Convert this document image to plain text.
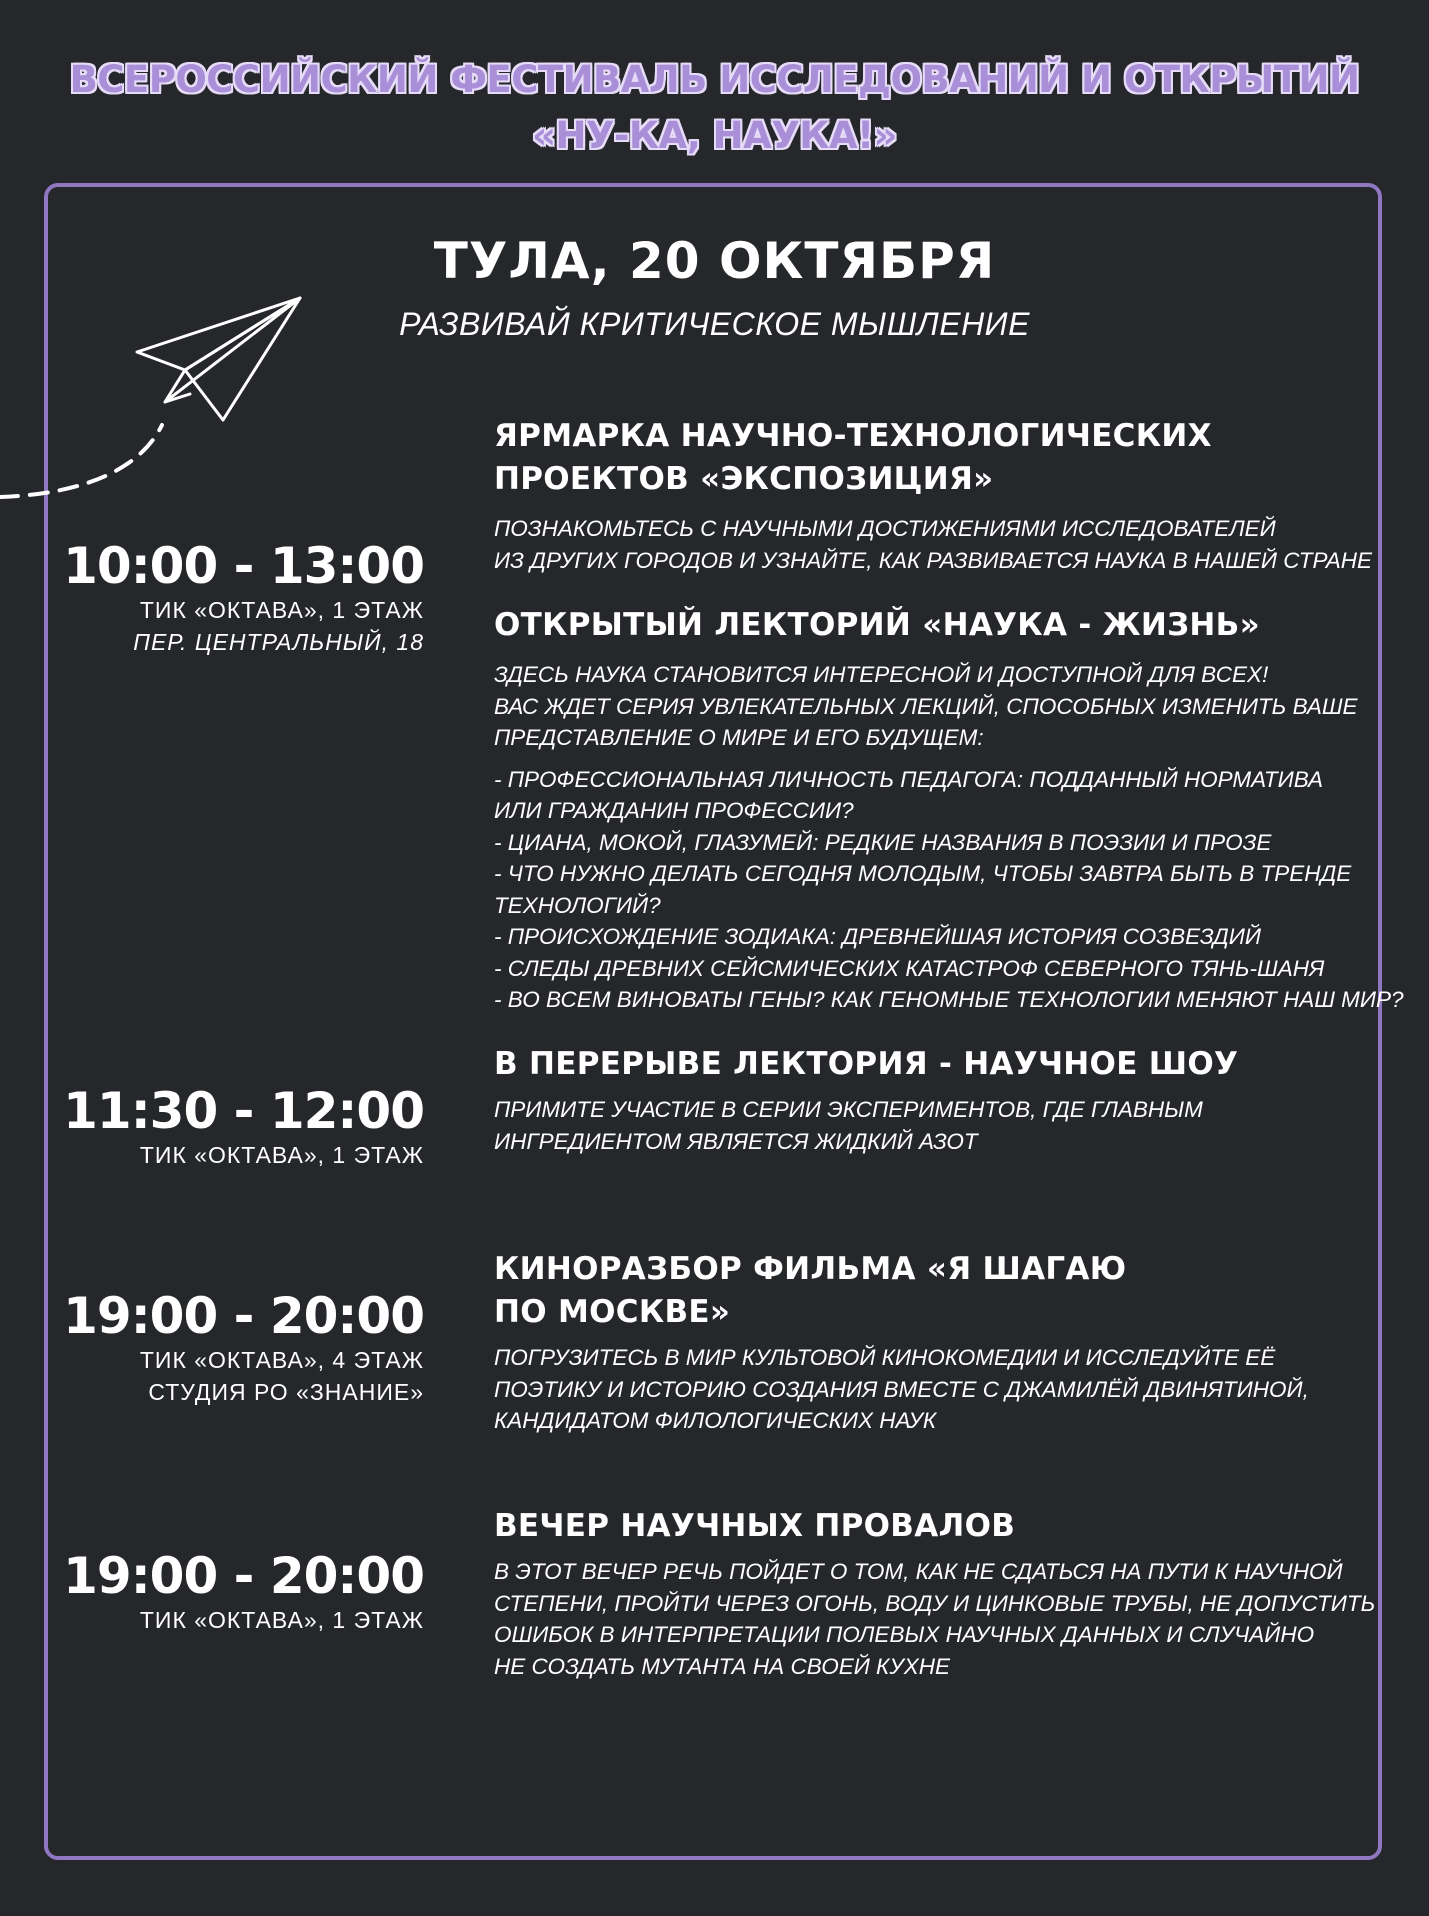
ВСЕРОССИЙСКИЙ ФЕСТИВАЛЬ ИССЛЕДОВАНИЙ И ОТКРЫТИЙ
«НУ-КА, НАУКА!»
ТУЛА, 20 ОКТЯБРЯ
РАЗВИВАЙ КРИТИЧЕСКОЕ МЫШЛЕНИЕ
10:00 - 13:00
ТИК «ОКТАВА», 1 ЭТАЖ
ПЕР. ЦЕНТРАЛЬНЫЙ, 18
11:30 - 12:00
ТИК «ОКТАВА», 1 ЭТАЖ
19:00 - 20:00
ТИК «ОКТАВА», 4 ЭТАЖ
СТУДИЯ РО «ЗНАНИЕ»
19:00 - 20:00
ТИК «ОКТАВА», 1 ЭТАЖ
ЯРМАРКА НАУЧНО-ТЕХНОЛОГИЧЕСКИХ
ПРОЕКТОВ «ЭКСПОЗИЦИЯ»
ПОЗНАКОМЬТЕСЬ С НАУЧНЫМИ ДОСТИЖЕНИЯМИ ИССЛЕДОВАТЕЛЕЙ
ИЗ ДРУГИХ ГОРОДОВ И УЗНАЙТЕ, КАК РАЗВИВАЕТСЯ НАУКА В НАШЕЙ СТРАНЕ
ОТКРЫТЫЙ ЛЕКТОРИЙ «НАУКА - ЖИЗНЬ»
ЗДЕСЬ НАУКА СТАНОВИТСЯ ИНТЕРЕСНОЙ И ДОСТУПНОЙ ДЛЯ ВСЕХ!
ВАС ЖДЕТ СЕРИЯ УВЛЕКАТЕЛЬНЫХ ЛЕКЦИЙ, СПОСОБНЫХ ИЗМЕНИТЬ ВАШЕ
ПРЕДСТАВЛЕНИЕ О МИРЕ И ЕГО БУДУЩЕМ:
- ПРОФЕССИОНАЛЬНАЯ ЛИЧНОСТЬ ПЕДАГОГА: ПОДДАННЫЙ НОРМАТИВА
ИЛИ ГРАЖДАНИН ПРОФЕССИИ?
- ЦИАНА, МОКОЙ, ГЛАЗУМЕЙ: РЕДКИЕ НАЗВАНИЯ В ПОЭЗИИ И ПРОЗЕ
- ЧТО НУЖНО ДЕЛАТЬ СЕГОДНЯ МОЛОДЫМ, ЧТОБЫ ЗАВТРА БЫТЬ В ТРЕНДЕ
ТЕХНОЛОГИЙ?
- ПРОИСХОЖДЕНИЕ ЗОДИАКА: ДРЕВНЕЙШАЯ ИСТОРИЯ СОЗВЕЗДИЙ
- СЛЕДЫ ДРЕВНИХ СЕЙСМИЧЕСКИХ КАТАСТРОФ СЕВЕРНОГО ТЯНЬ-ШАНЯ
- ВО ВСЕМ ВИНОВАТЫ ГЕНЫ? КАК ГЕНОМНЫЕ ТЕХНОЛОГИИ МЕНЯЮТ НАШ МИР?
В ПЕРЕРЫВЕ ЛЕКТОРИЯ - НАУЧНОЕ ШОУ
ПРИМИТЕ УЧАСТИЕ В СЕРИИ ЭКСПЕРИМЕНТОВ, ГДЕ ГЛАВНЫМ
ИНГРЕДИЕНТОМ ЯВЛЯЕТСЯ ЖИДКИЙ АЗОТ
КИНОРАЗБОР ФИЛЬМА «Я ШАГАЮ
ПО МОСКВЕ»
ПОГРУЗИТЕСЬ В МИР КУЛЬТОВОЙ КИНОКОМЕДИИ И ИССЛЕДУЙТЕ ЕЁ
ПОЭТИКУ И ИСТОРИЮ СОЗДАНИЯ ВМЕСТЕ С ДЖАМИЛЁЙ ДВИНЯТИНОЙ,
КАНДИДАТОМ ФИЛОЛОГИЧЕСКИХ НАУК
ВЕЧЕР НАУЧНЫХ ПРОВАЛОВ
В ЭТОТ ВЕЧЕР РЕЧЬ ПОЙДЕТ О ТОМ, КАК НЕ СДАТЬСЯ НА ПУТИ К НАУЧНОЙ
СТЕПЕНИ, ПРОЙТИ ЧЕРЕЗ ОГОНЬ, ВОДУ И ЦИНКОВЫЕ ТРУБЫ, НЕ ДОПУСТИТЬ
ОШИБОК В ИНТЕРПРЕТАЦИИ ПОЛЕВЫХ НАУЧНЫХ ДАННЫХ И СЛУЧАЙНО
НЕ СОЗДАТЬ МУТАНТА НА СВОЕЙ КУХНЕ
